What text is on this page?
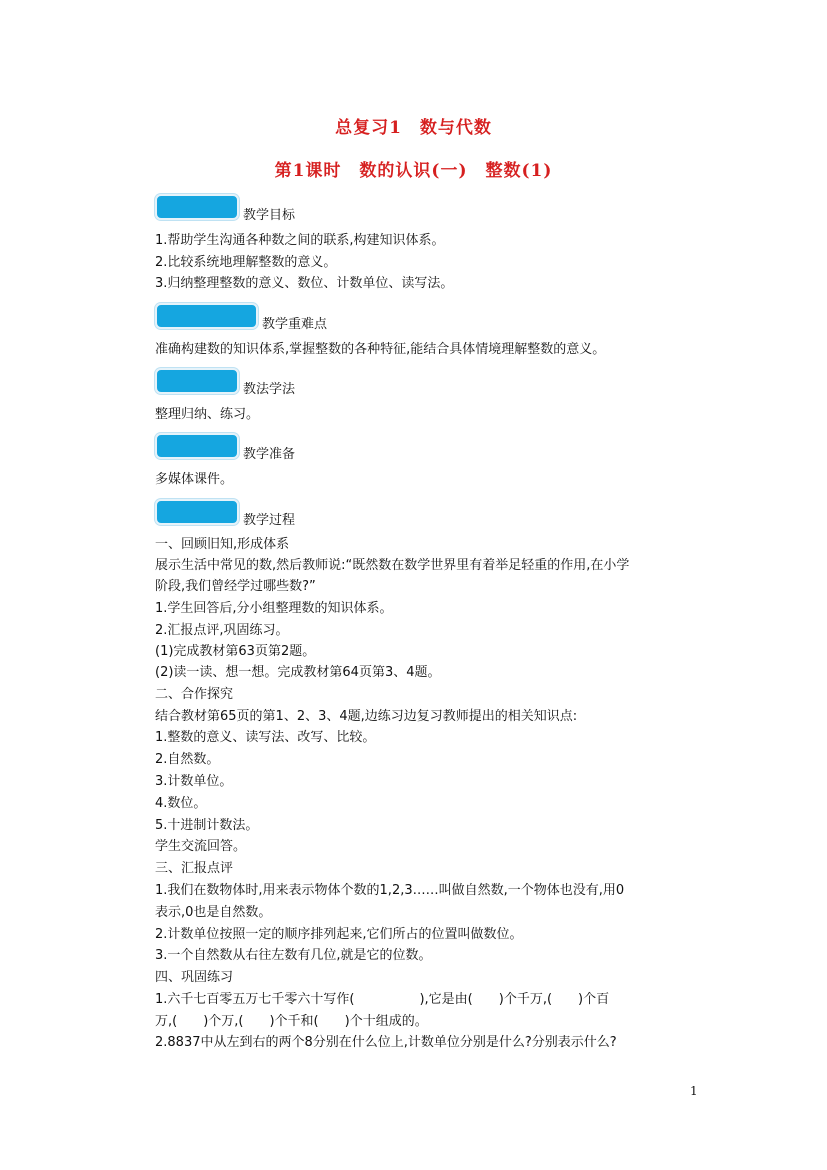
总复习1　数与代数
第1课时　数的认识(一)　整数(1)
教学目标
1.帮助学生沟通各种数之间的联系,构建知识体系。
2.比较系统地理解整数的意义。
3.归纳整理整数的意义、数位、计数单位、读写法。
教学重难点
准确构建数的知识体系,掌握整数的各种特征,能结合具体情境理解整数的意义。
教法学法
整理归纳、练习。
教学准备
多媒体课件。
教学过程
一、回顾旧知,形成体系
展示生活中常见的数,然后教师说:“既然数在数学世界里有着举足轻重的作用,在小学
阶段,我们曾经学过哪些数?”
1.学生回答后,分小组整理数的知识体系。
2.汇报点评,巩固练习。
(1)完成教材第63页第2题。
(2)读一读、想一想。完成教材第64页第3、4题。
二、合作探究
结合教材第65页的第1、2、3、4题,边练习边复习教师提出的相关知识点:
1.整数的意义、读写法、改写、比较。
2.自然数。
3.计数单位。
4.数位。
5.十进制计数法。
学生交流回答。
三、汇报点评
1.我们在数物体时,用来表示物体个数的1,2,3……叫做自然数,一个物体也没有,用0
表示,0也是自然数。
2.计数单位按照一定的顺序排列起来,它们所占的位置叫做数位。
3.一个自然数从右往左数有几位,就是它的位数。
四、巩固练习
1.六千七百零五万七千零六十写作(　　　　　),它是由(　　)个千万,(　　)个百
万,(　　)个万,(　　)个千和(　　)个十组成的。
2.8837中从左到右的两个8分别在什么位上,计数单位分别是什么?分别表示什么?
1
